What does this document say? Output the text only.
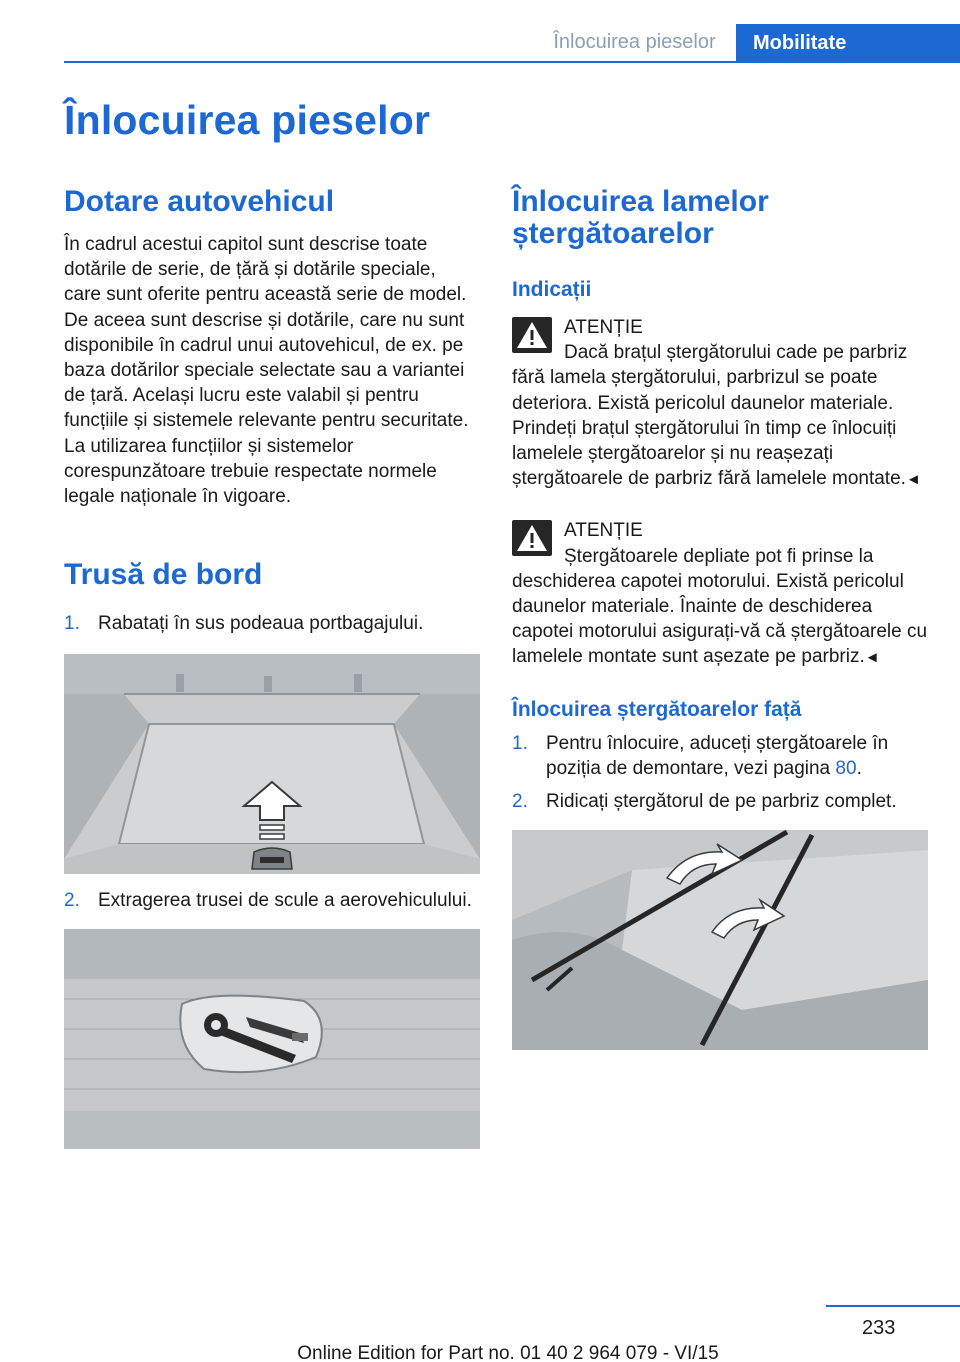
Înlocuirea pieselor	Mobilitate
Înlocuirea pieselor
Dotare autovehicul

În cadrul acestui capitol sunt descrise toate dotările de serie, de țără și dotările speciale, care sunt oferite pentru această serie de model. De aceea sunt descrise și dotările, care nu sunt disponibile în cadrul unui autovehicul, de ex. pe baza dotărilor speciale selectate sau a variantei de țară. Același lucru este valabil și pentru funcțiile și sistemele relevante pentru securitate. La utilizarea funcțiilor și sistemelor corespunzătoare trebuie respectate normele legale naționale în vigoare.

Trusă de bord
1. Rabatați în sus podeaua portbagajului.
2. Extragerea trusei de scule a aerovehiculului.
Înlocuirea lamelor ștergătoarelor
Indicații
ATENȚIE
Dacă brațul ștergătorului cade pe parbriz fără lamela ștergătorului, parbrizul se poate deteriora. Există pericolul daunelor materiale. Prindeți brațul ștergătorului în timp ce înlocuiți lamelele ștergătoarelor și nu reașezați ștergătoarele de parbriz fără lamelele montate.◄
ATENȚIE
Ștergătoarele depliate pot fi prinse la deschiderea capotei motorului. Există pericolul daunelor materiale. Înainte de deschiderea capotei motorului asigurați-vă că ștergătoarele cu lamelele montate sunt așezate pe parbriz.◄
Înlocuirea ștergătoarelor față
1. Pentru înlocuire, aduceți ștergătoarele în poziția de demontare, vezi pagina 80.
2. Ridicați ștergătorul de pe parbriz complet.
233
Online Edition for Part no. 01 40 2 964 079 - VI/15
